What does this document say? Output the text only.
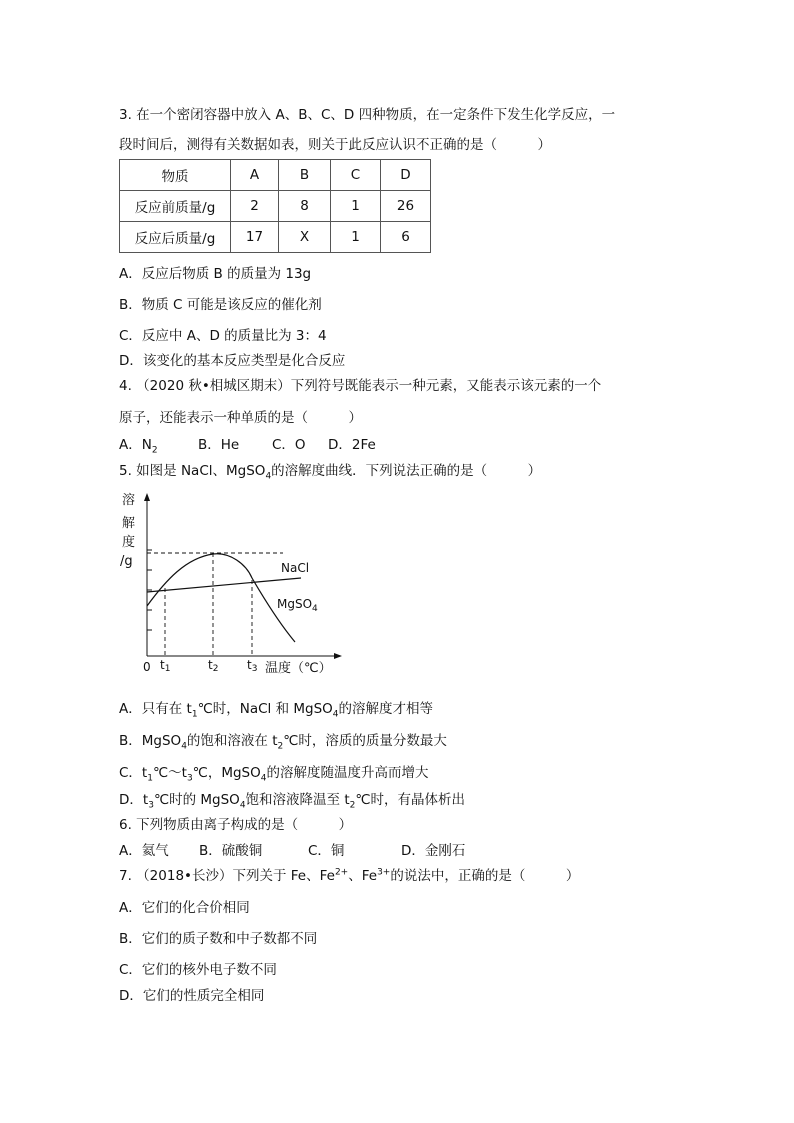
3. 在一个密闭容器中放入 A、B、C、D 四种物质，在一定条件下发生化学反应，一
段时间后，测得有关数据如表，则关于此反应认识不正确的是（　　　）
物质	A	B	C	D
反应前质量/g	2	8	1	26
反应后质量/g	17	X	1	6
A．反应后物质 B 的质量为 13g
B．物质 C 可能是该反应的催化剂
C．反应中 A、D 的质量比为 3：4
D．该变化的基本反应类型是化合反应
4. （2020 秋•相城区期末）下列符号既能表示一种元素，又能表示该元素的一个
原子，还能表示一种单质的是（　　　）
A．$N_2$	B．He C．O D．2Fe
5. 如图是 NaCl、MgSO$_4$的溶解度曲线．下列说法正确的是（　　　）
溶
解
度
/g	NaCl
MgSO$_4$
0 t1	t2 t3 温度（℃）
A．只有在 $t_1℃$时，NaCl 和 MgSO$_4$的溶解度才相等
B．MgSO$_4$的饱和溶液在 $t_2℃$时，溶质的质量分数最大
C．$t_1℃\sim t_3℃$，MgSO$_4$的溶解度随温度升高而增大
D．$t_3℃$时的 MgSO$_4$饱和溶液降温至 $t_2℃$时，有晶体析出
6. 下列物质由离子构成的是（　　　）
A．氦气 B．硫酸铜	C．铜	D．金刚石
7. （2018•长沙）下列关于 Fe、$Fe^{2+}$、$Fe^{3+}$的说法中，正确的是（　　　）
A．它们的化合价相同
B．它们的质子数和中子数都不同
C．它们的核外电子数不同
D．它们的性质完全相同
